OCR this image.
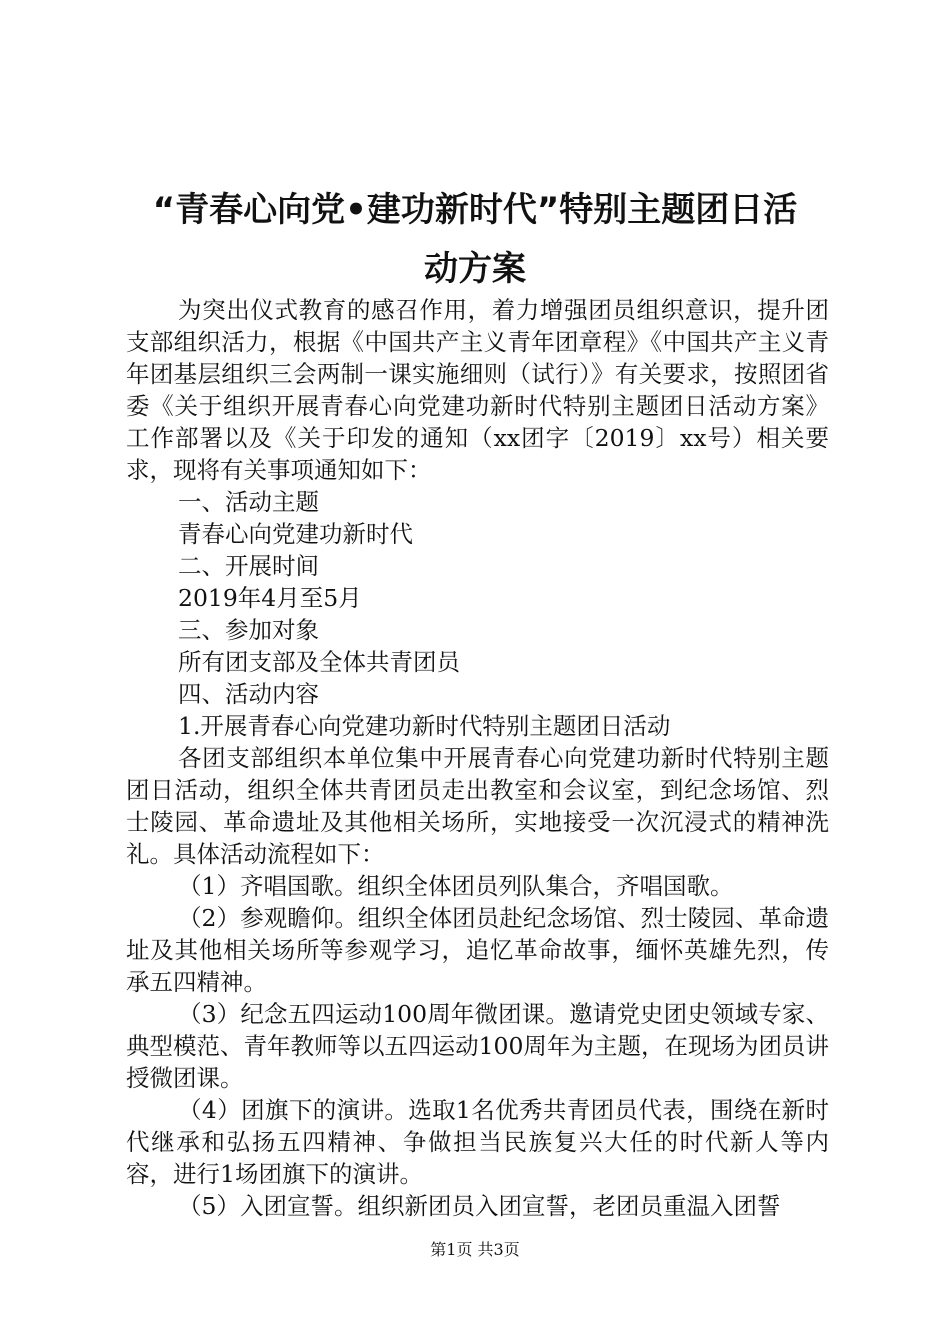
“青春心向党•建功新时代”特别主题团日活
动方案

为突出仪式教育的感召作用，着力增强团员组织意识，提升团支部组织活力，根据《中国共产主义青年团章程》《中国共产主义青年团基层组织三会两制一课实施细则（试行）》有关要求，按照团省委《关于组织开展青春心向党建功新时代特别主题团日活动方案》工作部署以及《关于印发的通知（xx团字〔2019〕xx号）相关要求，现将有关事项通知如下：

一、活动主题

青春心向党建功新时代

二、开展时间

2019年4月至5月

三、参加对象

所有团支部及全体共青团员

四、活动内容

1.开展青春心向党建功新时代特别主题团日活动

各团支部组织本单位集中开展青春心向党建功新时代特别主题团日活动，组织全体共青团员走出教室和会议室，到纪念场馆、烈士陵园、革命遗址及其他相关场所，实地接受一次沉浸式的精神洗礼。具体活动流程如下：

（1）齐唱国歌。组织全体团员列队集合，齐唱国歌。

（2）参观瞻仰。组织全体团员赴纪念场馆、烈士陵园、革命遗址及其他相关场所等参观学习，追忆革命故事，缅怀英雄先烈，传承五四精神。

（3）纪念五四运动100周年微团课。邀请党史团史领域专家、典型模范、青年教师等以五四运动100周年为主题，在现场为团员讲授微团课。

（4）团旗下的演讲。选取1名优秀共青团员代表，围绕在新时代继承和弘扬五四精神、争做担当民族复兴大任的时代新人等内容，进行1场团旗下的演讲。

（5）入团宣誓。组织新团员入团宣誓，老团员重温入团誓

第1页 共3页
